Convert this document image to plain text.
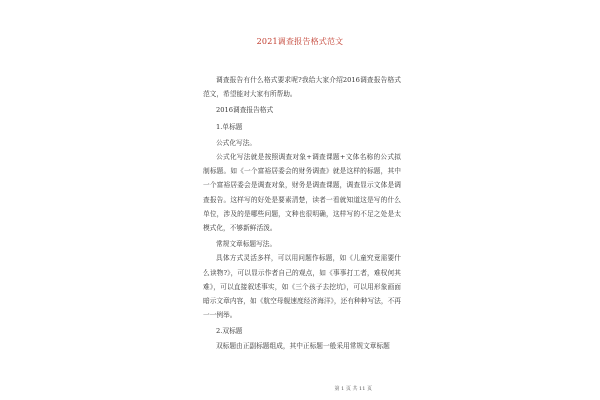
2021调查报告格式范文

调查报告有什么格式要求呢?我给大家介绍2016调查报告格式范文，希望能对大家有所帮助。

2016调查报告格式

1.单标题

公式化写法。

公式化写法就是按照调查对象+调查课题+文体名称的公式拟制标题。如《一个富裕居委会的财务调查》就是这样的标题，其中一个富裕居委会是调查对象，财务是调查课题，调查显示文体是调查报告。这样写的好处是要素清楚，读者一看就知道这是写的什么单位，涉及的是哪些问题，文种也很明确，这样写的不足之处是太模式化，不够新鲜活泼。

常规文章标题写法。

具体方式灵活多样，可以用问题作标题，如《儿童究竟需要什么读物?》，可以显示作者自己的观点，如《事事打工者，难权何其难》，可以直接叙述事实，如《三个孩子去挖坑》，可以用形象画面暗示文章内容，如《航空母舰速度经济海洋》，还有种种写法，不再一一例举。

2.双标题

双标题由正副标题组成，其中正标题一般采用常规文章标题

第 1 页 共 11 页
